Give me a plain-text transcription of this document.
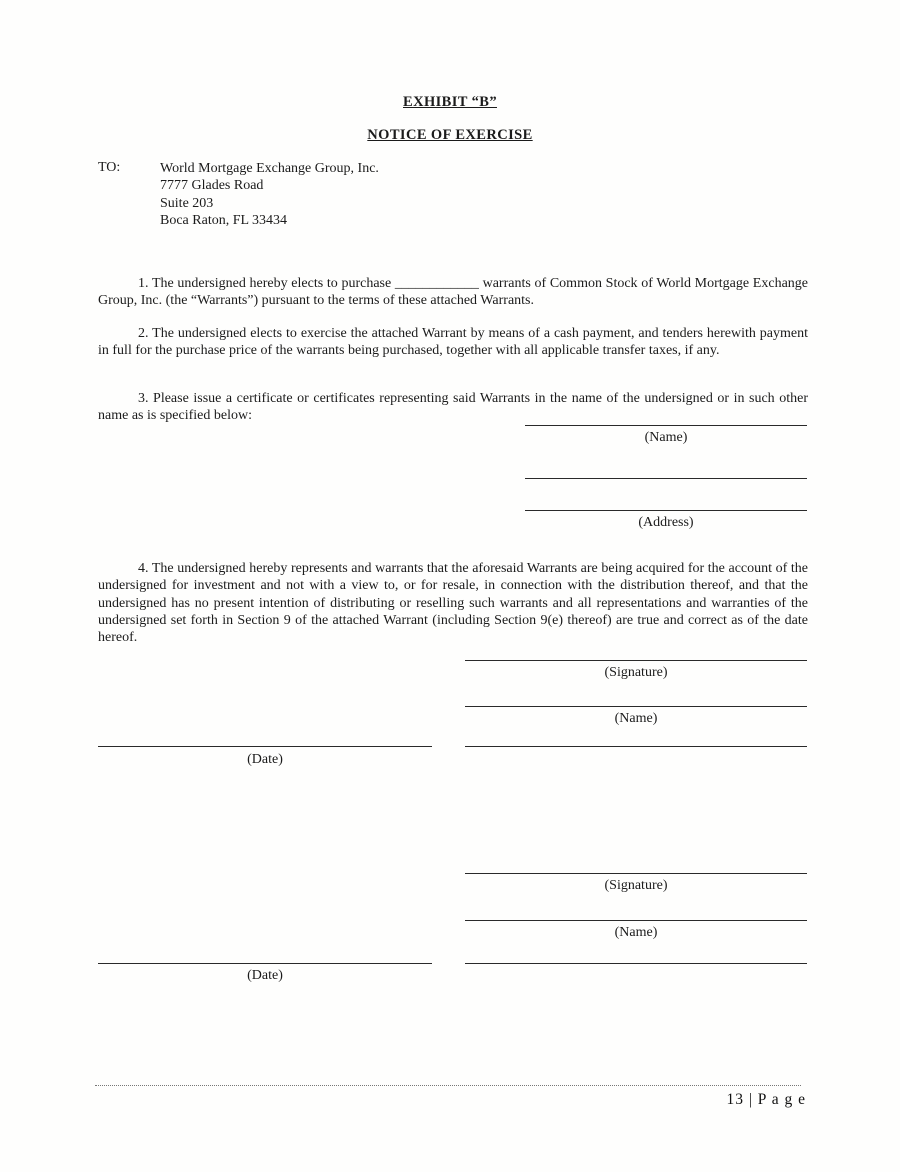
EXHIBIT “B”
NOTICE OF EXERCISE
TO:	World Mortgage Exchange Group, Inc.
7777 Glades Road
Suite 203
Boca Raton, FL 33434

1. The undersigned hereby elects to purchase ____________ warrants of Common Stock of World Mortgage Exchange Group, Inc. (the “Warrants”) pursuant to the terms of these attached Warrants.

2. The undersigned elects to exercise the attached Warrant by means of a cash payment, and tenders herewith payment in full for the purchase price of the warrants being purchased, together with all applicable transfer taxes, if any.

3. Please issue a certificate or certificates representing said Warrants in the name of the undersigned or in such other name as is specified below:

(Name)
(Address)

4. The undersigned hereby represents and warrants that the aforesaid Warrants are being acquired for the account of the undersigned for investment and not with a view to, or for resale, in connection with the distribution thereof, and that the undersigned has no present intention of distributing or reselling such warrants and all representations and warranties of the undersigned set forth in Section 9 of the attached Warrant (including Section 9(e) thereof) are true and correct as of the date hereof.

(Signature)
(Name)
(Date)
(Signature)
(Name)
(Date)
13 | P a g e
